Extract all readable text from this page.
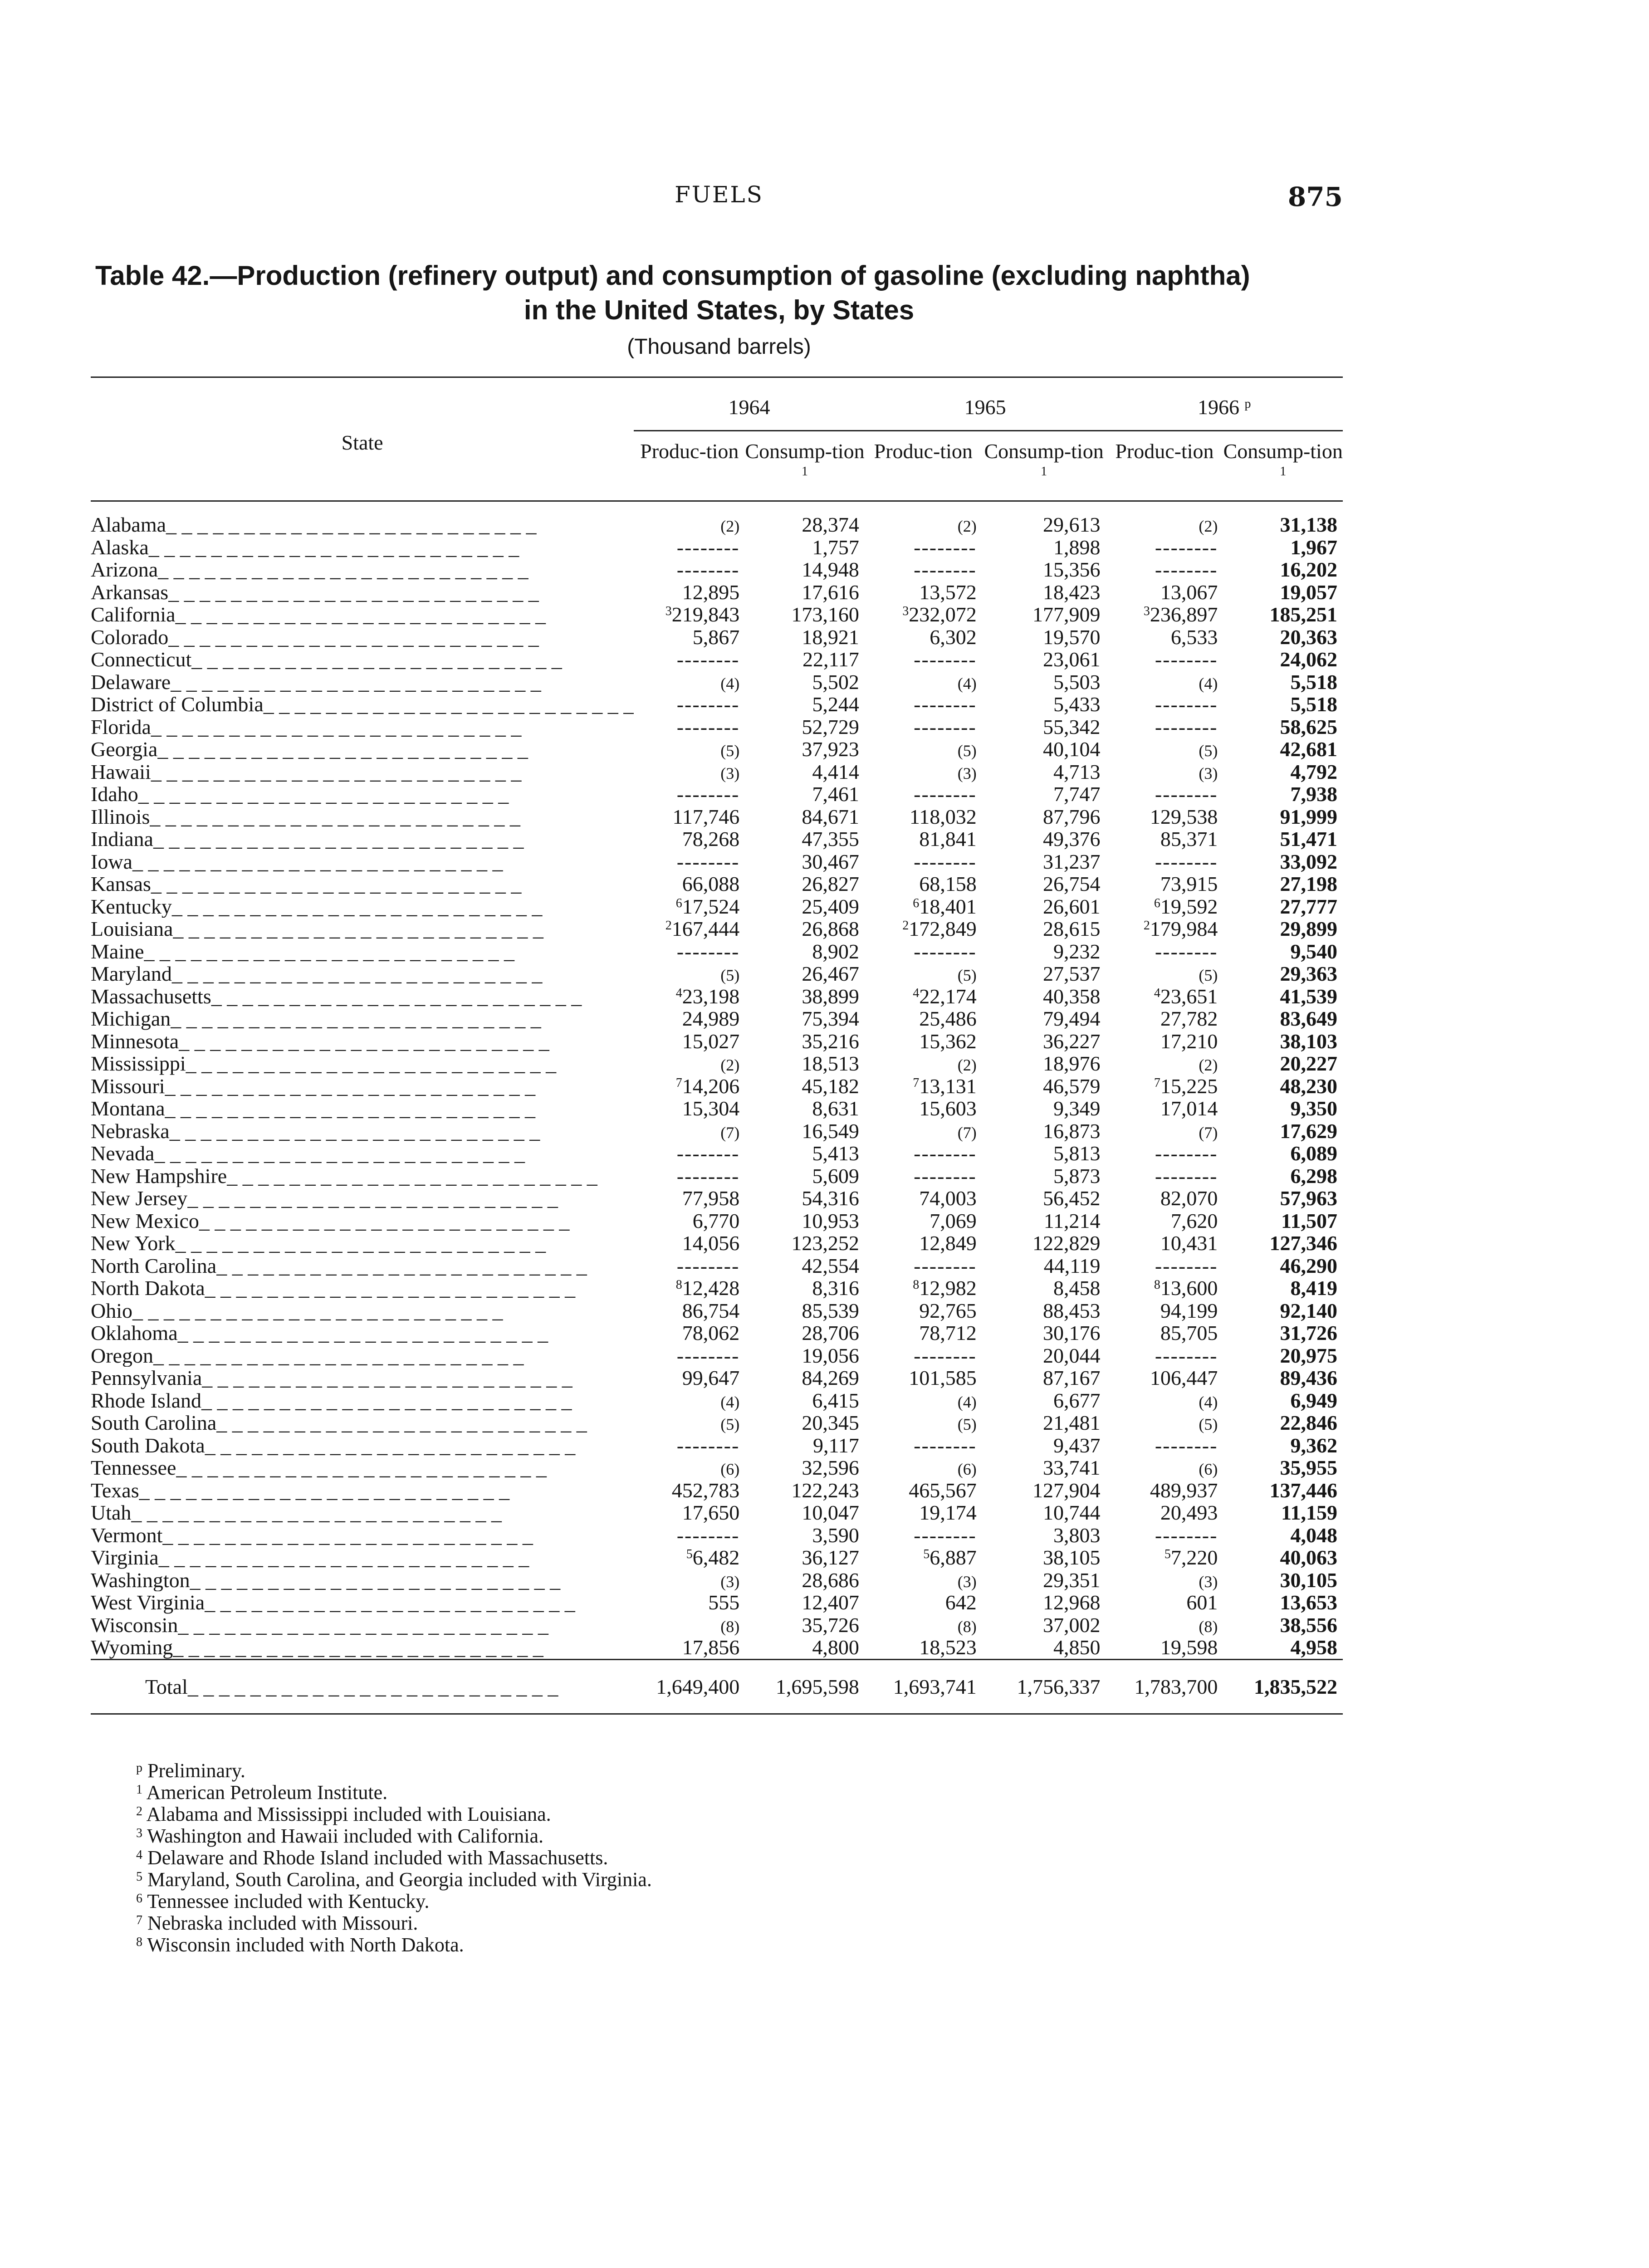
FUELS	875
Table 42.—Production (refinery output) and consumption of gasoline (excluding naphtha)
in the United States, by States
(Thousand barrels)

State	1964		1965		1966 $^p$
	Produc-tion	Consump-tion $^1$	Produc-tion	Consump-tion $^1$	Produc-tion	Consump-tion $^1$
Alabama_ _ _ _ _ _ _ _ _ _ _ _ _ _ _ _ _ _ _ _ _ _ _ _	(2)	28,374	(2)	29,613	(2)	31,138
Alaska_ _ _ _ _ _ _ _ _ _ _ _ _ _ _ _ _ _ _ _ _ _ _ _	--------	1,757	--------	1,898	--------	1,967
Arizona_ _ _ _ _ _ _ _ _ _ _ _ _ _ _ _ _ _ _ _ _ _ _ _	--------	14,948	--------	15,356	--------	16,202
Arkansas_ _ _ _ _ _ _ _ _ _ _ _ _ _ _ _ _ _ _ _ _ _ _ _	12,895	17,616	13,572	18,423	13,067	19,057
California_ _ _ _ _ _ _ _ _ _ _ _ _ _ _ _ _ _ _ _ _ _ _ _	$^3$219,843	173,160	$^3$232,072	177,909	$^3$236,897	185,251
Colorado_ _ _ _ _ _ _ _ _ _ _ _ _ _ _ _ _ _ _ _ _ _ _ _	5,867	18,921	6,302	19,570	6,533	20,363
Connecticut_ _ _ _ _ _ _ _ _ _ _ _ _ _ _ _ _ _ _ _ _ _ _ _	--------	22,117	--------	23,061	--------	24,062
Delaware_ _ _ _ _ _ _ _ _ _ _ _ _ _ _ _ _ _ _ _ _ _ _ _	(4)	5,502	(4)	5,503	(4)	5,518
District of Columbia_ _ _ _ _ _ _ _ _ _ _ _ _ _ _ _ _ _ _ _ _ _ _ _	--------	5,244	--------	5,433	--------	5,518
Florida_ _ _ _ _ _ _ _ _ _ _ _ _ _ _ _ _ _ _ _ _ _ _ _	--------	52,729	--------	55,342	--------	58,625
Georgia_ _ _ _ _ _ _ _ _ _ _ _ _ _ _ _ _ _ _ _ _ _ _ _	(5)	37,923	(5)	40,104	(5)	42,681
Hawaii_ _ _ _ _ _ _ _ _ _ _ _ _ _ _ _ _ _ _ _ _ _ _ _	(3)	4,414	(3)	4,713	(3)	4,792
Idaho_ _ _ _ _ _ _ _ _ _ _ _ _ _ _ _ _ _ _ _ _ _ _ _	--------	7,461	--------	7,747	--------	7,938
Illinois_ _ _ _ _ _ _ _ _ _ _ _ _ _ _ _ _ _ _ _ _ _ _ _	117,746	84,671	118,032	87,796	129,538	91,999
Indiana_ _ _ _ _ _ _ _ _ _ _ _ _ _ _ _ _ _ _ _ _ _ _ _	78,268	47,355	81,841	49,376	85,371	51,471
Iowa_ _ _ _ _ _ _ _ _ _ _ _ _ _ _ _ _ _ _ _ _ _ _ _	--------	30,467	--------	31,237	--------	33,092
Kansas_ _ _ _ _ _ _ _ _ _ _ _ _ _ _ _ _ _ _ _ _ _ _ _	66,088	26,827	68,158	26,754	73,915	27,198
Kentucky_ _ _ _ _ _ _ _ _ _ _ _ _ _ _ _ _ _ _ _ _ _ _ _	$^6$17,524	25,409	$^6$18,401	26,601	$^6$19,592	27,777
Louisiana_ _ _ _ _ _ _ _ _ _ _ _ _ _ _ _ _ _ _ _ _ _ _ _	$^2$167,444	26,868	$^2$172,849	28,615	$^2$179,984	29,899
Maine_ _ _ _ _ _ _ _ _ _ _ _ _ _ _ _ _ _ _ _ _ _ _ _	--------	8,902	--------	9,232	--------	9,540
Maryland_ _ _ _ _ _ _ _ _ _ _ _ _ _ _ _ _ _ _ _ _ _ _ _	(5)	26,467	(5)	27,537	(5)	29,363
Massachusetts_ _ _ _ _ _ _ _ _ _ _ _ _ _ _ _ _ _ _ _ _ _ _ _	$^4$23,198	38,899	$^4$22,174	40,358	$^4$23,651	41,539
Michigan_ _ _ _ _ _ _ _ _ _ _ _ _ _ _ _ _ _ _ _ _ _ _ _	24,989	75,394	25,486	79,494	27,782	83,649
Minnesota_ _ _ _ _ _ _ _ _ _ _ _ _ _ _ _ _ _ _ _ _ _ _ _	15,027	35,216	15,362	36,227	17,210	38,103
Mississippi_ _ _ _ _ _ _ _ _ _ _ _ _ _ _ _ _ _ _ _ _ _ _ _	(2)	18,513	(2)	18,976	(2)	20,227
Missouri_ _ _ _ _ _ _ _ _ _ _ _ _ _ _ _ _ _ _ _ _ _ _ _	$^7$14,206	45,182	$^7$13,131	46,579	$^7$15,225	48,230
Montana_ _ _ _ _ _ _ _ _ _ _ _ _ _ _ _ _ _ _ _ _ _ _ _	15,304	8,631	15,603	9,349	17,014	9,350
Nebraska_ _ _ _ _ _ _ _ _ _ _ _ _ _ _ _ _ _ _ _ _ _ _ _	(7)	16,549	(7)	16,873	(7)	17,629
Nevada_ _ _ _ _ _ _ _ _ _ _ _ _ _ _ _ _ _ _ _ _ _ _ _	--------	5,413	--------	5,813	--------	6,089
New Hampshire_ _ _ _ _ _ _ _ _ _ _ _ _ _ _ _ _ _ _ _ _ _ _ _	--------	5,609	--------	5,873	--------	6,298
New Jersey_ _ _ _ _ _ _ _ _ _ _ _ _ _ _ _ _ _ _ _ _ _ _ _	77,958	54,316	74,003	56,452	82,070	57,963
New Mexico_ _ _ _ _ _ _ _ _ _ _ _ _ _ _ _ _ _ _ _ _ _ _ _	6,770	10,953	7,069	11,214	7,620	11,507
New York_ _ _ _ _ _ _ _ _ _ _ _ _ _ _ _ _ _ _ _ _ _ _ _	14,056	123,252	12,849	122,829	10,431	127,346
North Carolina_ _ _ _ _ _ _ _ _ _ _ _ _ _ _ _ _ _ _ _ _ _ _ _	--------	42,554	--------	44,119	--------	46,290
North Dakota_ _ _ _ _ _ _ _ _ _ _ _ _ _ _ _ _ _ _ _ _ _ _ _	$^8$12,428	8,316	$^8$12,982	8,458	$^8$13,600	8,419
Ohio_ _ _ _ _ _ _ _ _ _ _ _ _ _ _ _ _ _ _ _ _ _ _ _	86,754	85,539	92,765	88,453	94,199	92,140
Oklahoma_ _ _ _ _ _ _ _ _ _ _ _ _ _ _ _ _ _ _ _ _ _ _ _	78,062	28,706	78,712	30,176	85,705	31,726
Oregon_ _ _ _ _ _ _ _ _ _ _ _ _ _ _ _ _ _ _ _ _ _ _ _	--------	19,056	--------	20,044	--------	20,975
Pennsylvania_ _ _ _ _ _ _ _ _ _ _ _ _ _ _ _ _ _ _ _ _ _ _ _	99,647	84,269	101,585	87,167	106,447	89,436
Rhode Island_ _ _ _ _ _ _ _ _ _ _ _ _ _ _ _ _ _ _ _ _ _ _ _	(4)	6,415	(4)	6,677	(4)	6,949
South Carolina_ _ _ _ _ _ _ _ _ _ _ _ _ _ _ _ _ _ _ _ _ _ _ _	(5)	20,345	(5)	21,481	(5)	22,846
South Dakota_ _ _ _ _ _ _ _ _ _ _ _ _ _ _ _ _ _ _ _ _ _ _ _	--------	9,117	--------	9,437	--------	9,362
Tennessee_ _ _ _ _ _ _ _ _ _ _ _ _ _ _ _ _ _ _ _ _ _ _ _	(6)	32,596	(6)	33,741	(6)	35,955
Texas_ _ _ _ _ _ _ _ _ _ _ _ _ _ _ _ _ _ _ _ _ _ _ _	452,783	122,243	465,567	127,904	489,937	137,446
Utah_ _ _ _ _ _ _ _ _ _ _ _ _ _ _ _ _ _ _ _ _ _ _ _	17,650	10,047	19,174	10,744	20,493	11,159
Vermont_ _ _ _ _ _ _ _ _ _ _ _ _ _ _ _ _ _ _ _ _ _ _ _	--------	3,590	--------	3,803	--------	4,048
Virginia_ _ _ _ _ _ _ _ _ _ _ _ _ _ _ _ _ _ _ _ _ _ _ _	$^5$6,482	36,127	$^5$6,887	38,105	$^5$7,220	40,063
Washington_ _ _ _ _ _ _ _ _ _ _ _ _ _ _ _ _ _ _ _ _ _ _ _	(3)	28,686	(3)	29,351	(3)	30,105
West Virginia_ _ _ _ _ _ _ _ _ _ _ _ _ _ _ _ _ _ _ _ _ _ _ _	555	12,407	642	12,968	601	13,653
Wisconsin_ _ _ _ _ _ _ _ _ _ _ _ _ _ _ _ _ _ _ _ _ _ _ _	(8)	35,726	(8)	37,002	(8)	38,556
Wyoming_ _ _ _ _ _ _ _ _ _ _ _ _ _ _ _ _ _ _ _ _ _ _ _	17,856	4,800	18,523	4,850	19,598	4,958
Total_ _ _ _ _ _ _ _ _ _ _ _ _ _ _ _ _ _ _ _ _ _ _ _	1,649,400	1,695,598	1,693,741	1,756,337	1,783,700	1,835,522
$^p$ Preliminary.
$^1$ American Petroleum Institute.
$^2$ Alabama and Mississippi included with Louisiana.
$^3$ Washington and Hawaii included with California.
$^4$ Delaware and Rhode Island included with Massachusetts.
$^5$ Maryland, South Carolina, and Georgia included with Virginia.
$^6$ Tennessee included with Kentucky.
$^7$ Nebraska included with Missouri.
$^8$ Wisconsin included with North Dakota.
